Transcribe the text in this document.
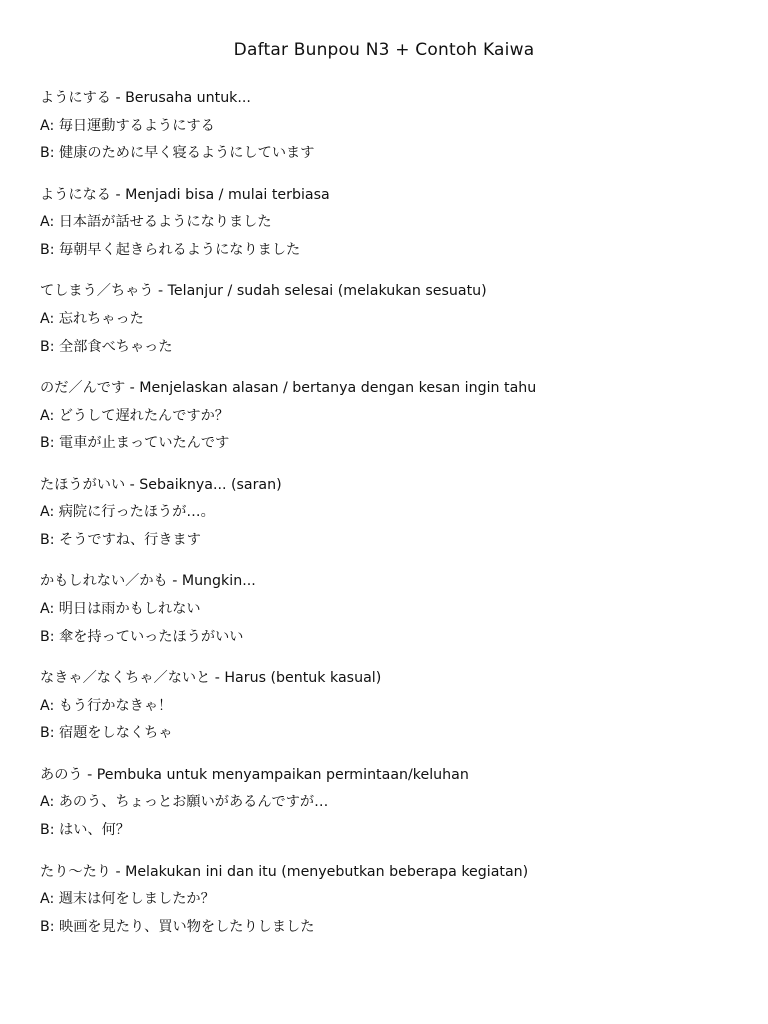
Daftar Bunpou N3 + Contoh Kaiwa
ようにする - Berusaha untuk...
A: 毎日運動するようにする
B: 健康のために早く寝るようにしています
ようになる - Menjadi bisa / mulai terbiasa
A: 日本語が話せるようになりました
B: 毎朝早く起きられるようになりました
てしまう／ちゃう - Telanjur / sudah selesai (melakukan sesuatu)
A: 忘れちゃった
B: 全部食べちゃった
のだ／んです - Menjelaskan alasan / bertanya dengan kesan ingin tahu
A: どうして遅れたんですか？
B: 電車が止まっていたんです
たほうがいい - Sebaiknya... (saran)
A: 病院に行ったほうが…。
B: そうですね、行きます
かもしれない／かも - Mungkin...
A: 明日は雨かもしれない
B: 傘を持っていったほうがいい
なきゃ／なくちゃ／ないと - Harus (bentuk kasual)
A: もう行かなきゃ！
B: 宿題をしなくちゃ
あのう - Pembuka untuk menyampaikan permintaan/keluhan
A: あのう、ちょっとお願いがあるんですが…
B: はい、何？
たり～たり - Melakukan ini dan itu (menyebutkan beberapa kegiatan)
A: 週末は何をしましたか？
B: 映画を見たり、買い物をしたりしました
